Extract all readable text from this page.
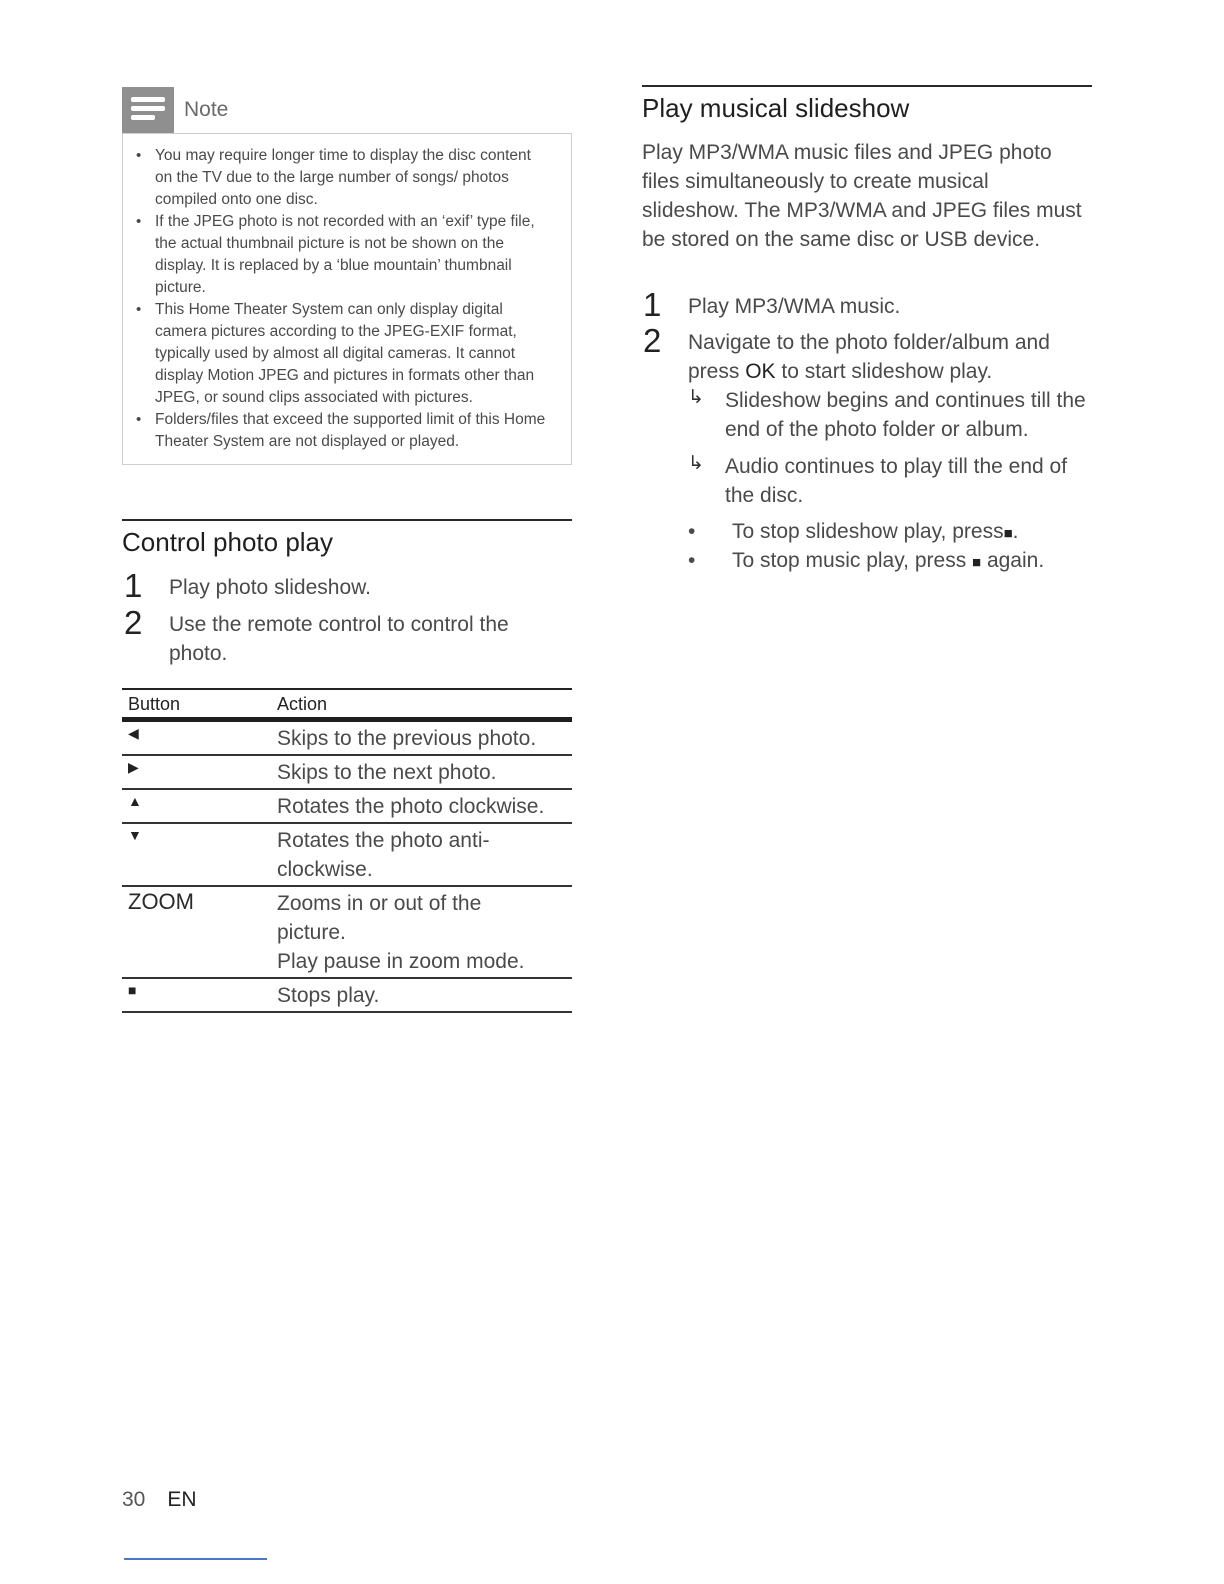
Note
• You may require longer time to display the disc content on the TV due to the large number of songs/ photos compiled onto one disc.
• If the JPEG photo is not recorded with an ‘exif’ type file, the actual thumbnail picture is not be shown on the display. It is replaced by a ‘blue mountain’ thumbnail picture.
• This Home Theater System can only display digital camera pictures according to the JPEG-EXIF format, typically used by almost all digital cameras. It cannot display Motion JPEG and pictures in formats other than JPEG, or sound clips associated with pictures.
• Folders/files that exceed the supported limit of this Home Theater System are not displayed or played.
Control photo play
1 Play photo slideshow.
2 Use the remote control to control the photo.
Button	Action
◀	Skips to the previous photo.
▶	Skips to the next photo.
▲	Rotates the photo clockwise.
▼	Rotates the photo anti-clockwise.
ZOOM	Zooms in or out of the picture.
Play pause in zoom mode.
■	Stops play.
Play musical slideshow
Play MP3/WMA music files and JPEG photo files simultaneously to create musical slideshow. The MP3/WMA and JPEG files must be stored on the same disc or USB device.
1 Play MP3/WMA music.
2 Navigate to the photo folder/album and press OK to start slideshow play.
↳ Slideshow begins and continues till the end of the photo folder or album.
↳ Audio continues to play till the end of the disc.
• To stop slideshow play, press■.
• To stop music play, press ■ again.
30 EN
